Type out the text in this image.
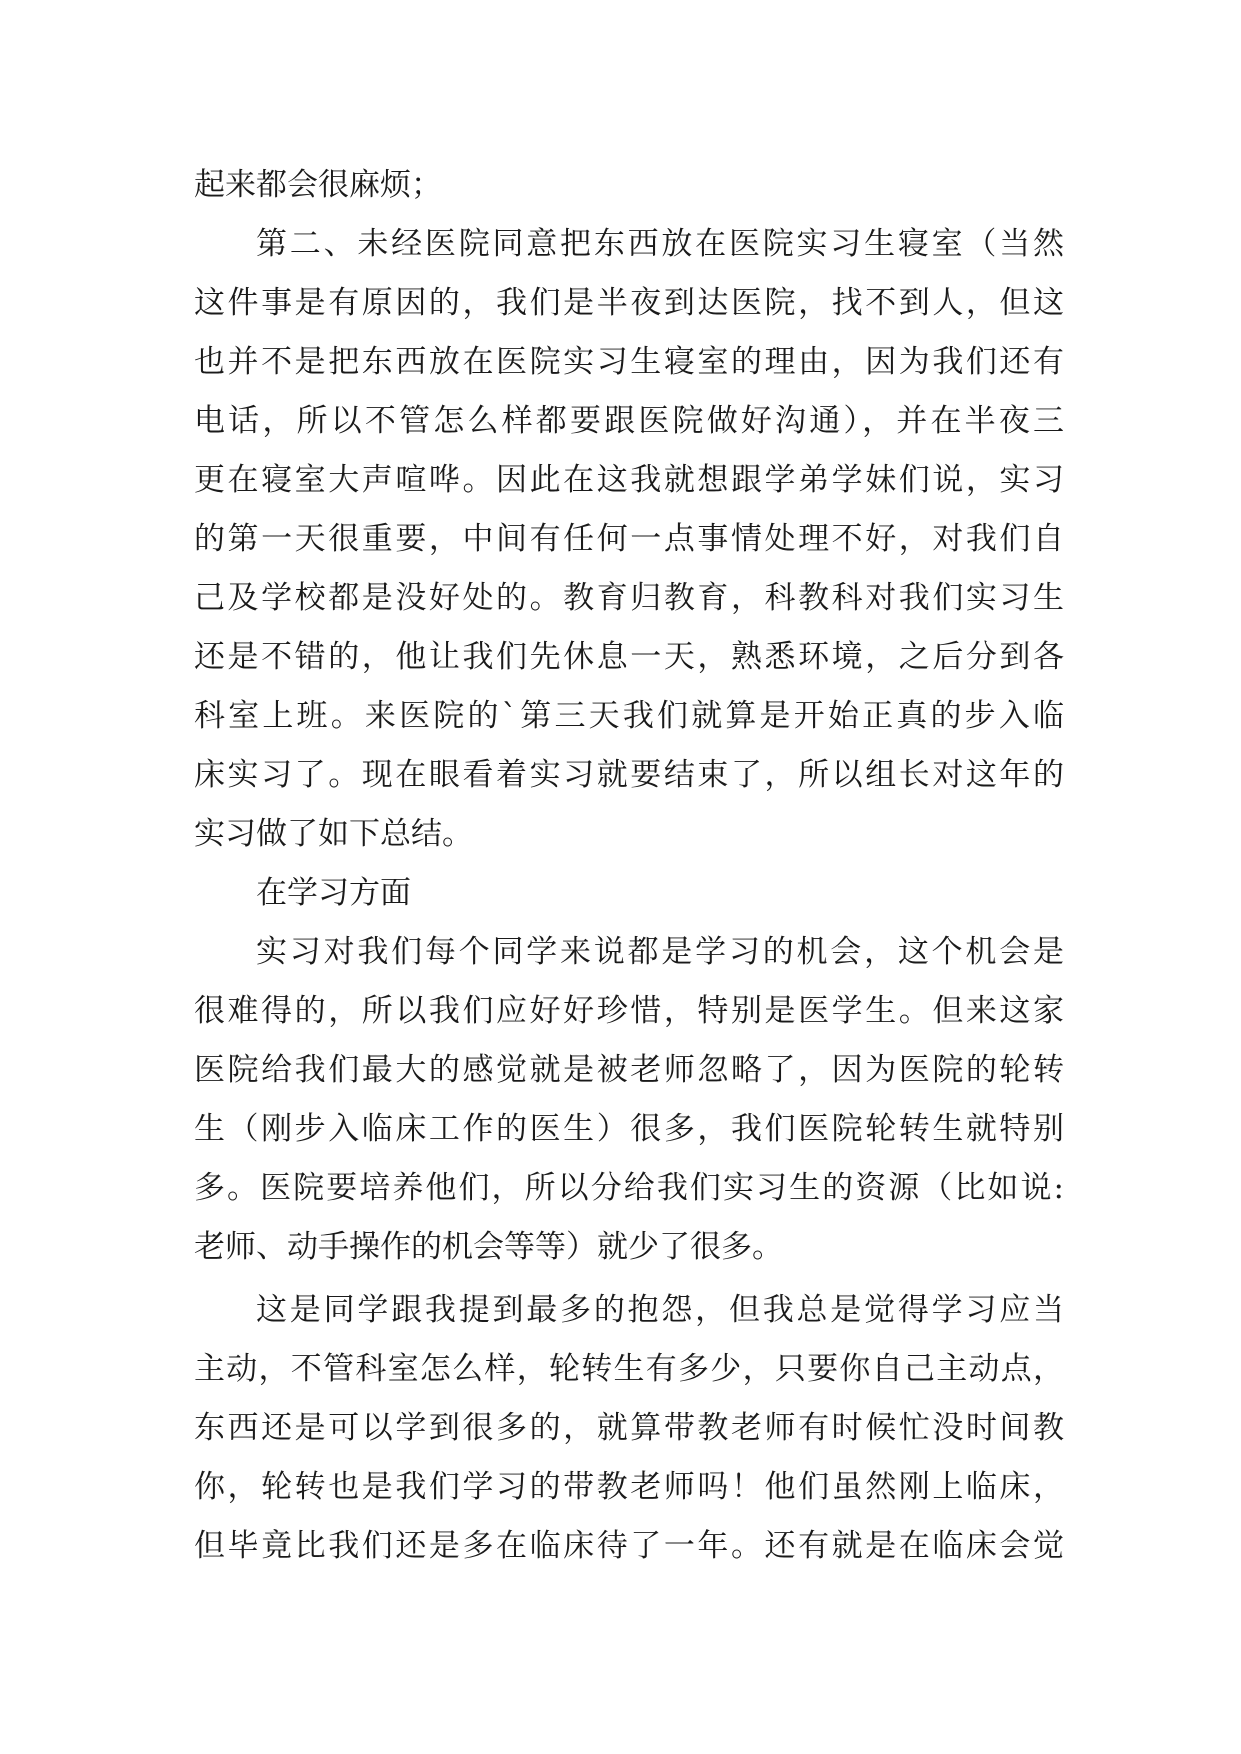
起来都会很麻烦；
第二、未经医院同意把东西放在医院实习生寝室（当然
这件事是有原因的，我们是半夜到达医院，找不到人，但这
也并不是把东西放在医院实习生寝室的理由，因为我们还有
电话，所以不管怎么样都要跟医院做好沟通），并在半夜三
更在寝室大声喧哗。因此在这我就想跟学弟学妹们说，实习
的第一天很重要，中间有任何一点事情处理不好，对我们自
己及学校都是没好处的。教育归教育，科教科对我们实习生
还是不错的，他让我们先休息一天，熟悉环境，之后分到各
科室上班。来医院的`第三天我们就算是开始正真的步入临
床实习了。现在眼看着实习就要结束了，所以组长对这年的
实习做了如下总结。
在学习方面
实习对我们每个同学来说都是学习的机会，这个机会是
很难得的，所以我们应好好珍惜，特别是医学生。但来这家
医院给我们最大的感觉就是被老师忽略了，因为医院的轮转
生（刚步入临床工作的医生）很多，我们医院轮转生就特别
多。医院要培养他们，所以分给我们实习生的资源（比如说:
老师、动手操作的机会等等）就少了很多。
这是同学跟我提到最多的抱怨，但我总是觉得学习应当
主动，不管科室怎么样，轮转生有多少，只要你自己主动点，
东西还是可以学到很多的，就算带教老师有时候忙没时间教
你，轮转也是我们学习的带教老师吗！他们虽然刚上临床，
但毕竟比我们还是多在临床待了一年。还有就是在临床会觉
